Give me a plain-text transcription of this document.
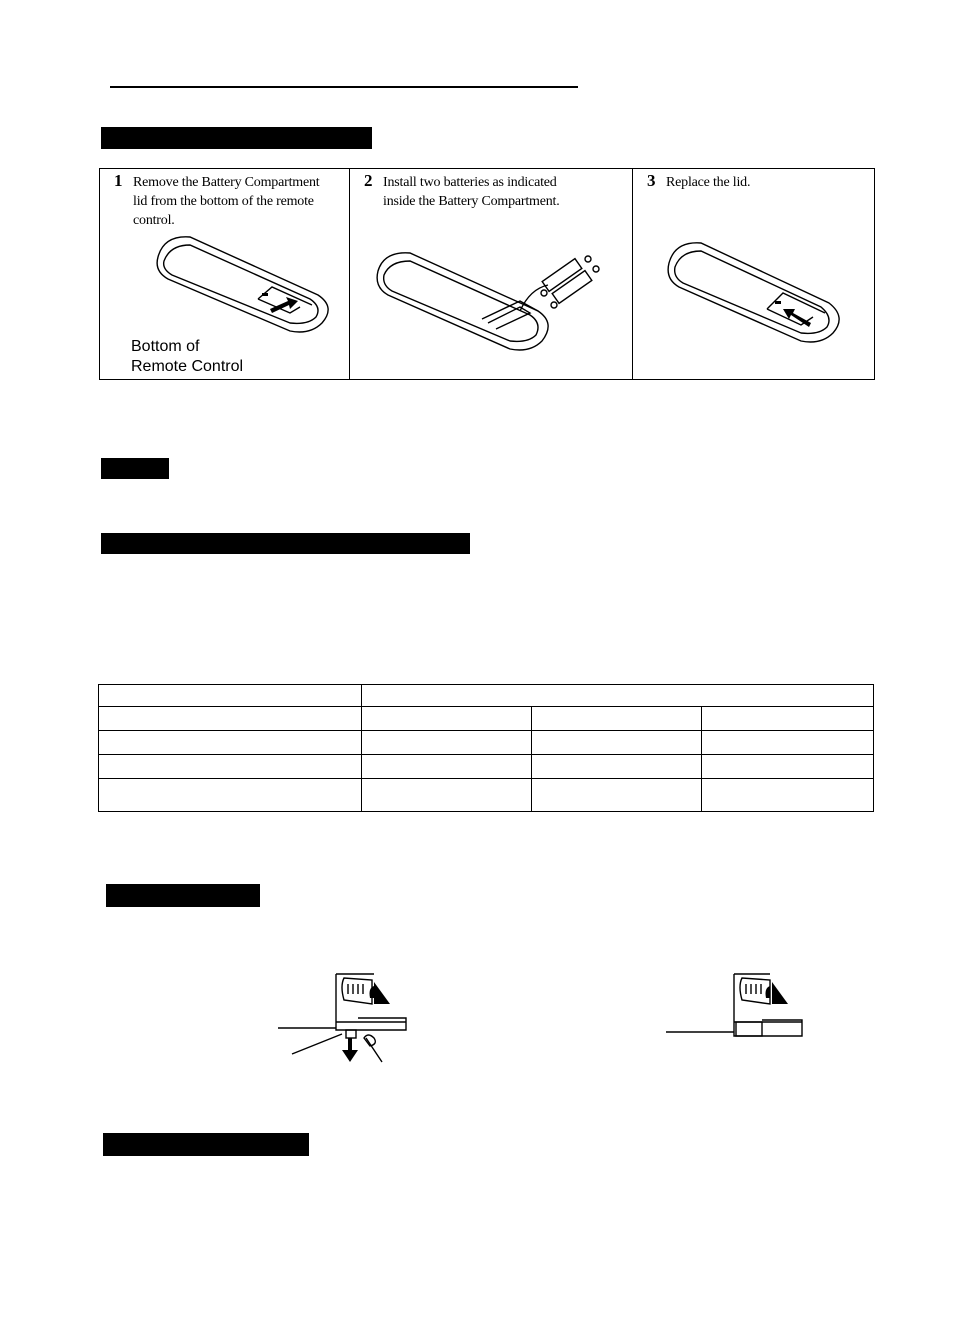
1 Remove the Battery Compartment
lid from the bottom of the remote
control.
Bottom of
Remote Control
2 Install two batteries as indicated
inside the Battery Compartment.
3 Replace the lid.
